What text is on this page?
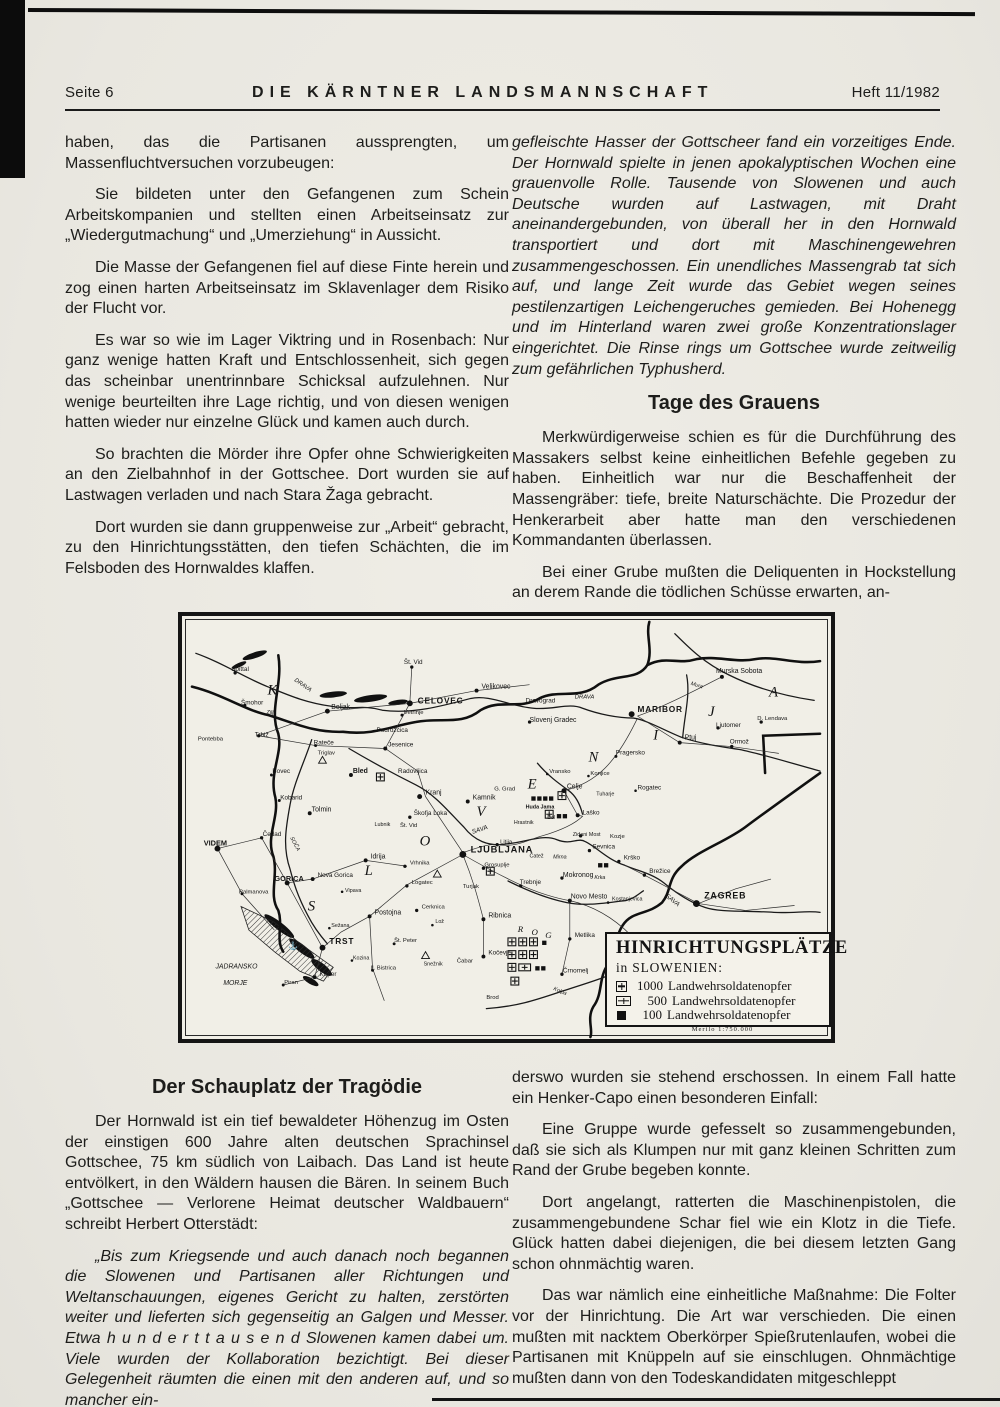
Seite 6	DIE KÄRNTNER LANDSMANNSCHAFT	Heft 11/1982

haben, das die Partisanen aussprengten, um Massenfluchtversuchen vorzubeugen:

Sie bildeten unter den Gefangenen zum Schein Arbeitskompanien und stellten einen Arbeitseinsatz zur „Wiedergutmachung“ und „Umerziehung“ in Aussicht.

Die Masse der Gefangenen fiel auf diese Finte herein und zog einen harten Arbeitseinsatz im Sklavenlager dem Risiko der Flucht vor.

Es war so wie im Lager Viktring und in Rosenbach: Nur ganz wenige hatten Kraft und Entschlossenheit, sich gegen das scheinbar unentrinnbare Schicksal aufzulehnen. Nur wenige beurteilten ihre Lage richtig, und von diesen wenigen hatten wieder nur einzelne Glück und kamen auch durch.

So brachten die Mörder ihre Opfer ohne Schwierigkeiten an den Zielbahnhof in der Gottschee. Dort wurden sie auf Lastwagen verladen und nach Stara Žaga gebracht.

Dort wurden sie dann gruppenweise zur „Arbeit“ gebracht, zu den Hinrichtungsstätten, den tiefen Schächten, die im Felsboden des Hornwaldes klaffen.

gefleischte Hasser der Gottscheer fand ein vorzeitiges Ende. Der Hornwald spielte in jenen apokalyptischen Wochen eine grauenvolle Rolle. Tausende von Slowenen und auch Deutsche wurden auf Lastwagen, mit Draht aneinandergebunden, von überall her in den Hornwald transportiert und dort mit Maschinengewehren zusammengeschossen. Ein unendliches Massengrab tat sich auf, und lange Zeit wurde das Gebiet wegen seines pestilenzartigen Leichengeruches gemieden. Bei Hohenegg und im Hinterland waren zwei große Konzentrationslager eingerichtet. Die Rinse rings um Gottschee wurde zeitweilig zum gefährlichen Typhusherd.

Tage des Grauens

Merkwürdigerweise schien es für die Durchführung des Massakers selbst keine einheitlichen Befehle gegeben zu haben. Einheitlich war nur die Beschaffenheit der Massengräber: tiefe, breite Naturschächte. Die Prozedur der Henkerarbeit aber hatte man den verschiedenen Kommandanten überlassen.

Bei einer Grube mußten die Deliquenten in Hockstellung an derem Rande die tödlichen Schüsse erwarten, an-

⚓
Spittal
K DRAVA
Šmohor
Zilja
Beljak
Št. Vid
CELOVEC
Vetrinje
Velikovec
Murska Sobota
A
Dravograd	DRAVA
Slovenj Gradec
MARIBOR
Mura
J
Ljutomer
D. Lendava
Ptuj
Ormož
I
Pragersko
N
Podrožčica
Jesenice
Trbiž
Pontebba	Rateče
Bled
Triglav
Bovec
Kobarid
Tolmin
Radovljica
Kranj
Kamnik
Škofja Loka
Lubnik Št. Vid
V
E
Vransko	Konjice
G. Grad	Celje
Tuharje
Rogatec
Huda Jama
Laško
Dol
Hrastnik
Zidani Most
Litija
SAVA
LJUBLJANA
Grosuplje
Kozje
Sevnica
Krško
Brežice
Čatež Mirna
Mokronog
Trebnje
Krka
Novo Mesto Kostanjevica
Turjak
ZAGREB
SAVA
VIDEM
Čedad
SOČA
Idrija
GORICA Nova Gorica
Palmanova
L
O
S
Vipava
Vrhnika
Logatec
Postojna
Cerknica
Ribnica
Lož
Sežana
TRST
Kozina
Št. Peter
Il. Bistrica
Snežnik
Koper
Piran
JADRANSKO
MORJE
Kočevje
Čabar
Brod
Metlika
Črnomelj
R O G
Kolpa
HINRICHTUNGSPLÄTZE
in SLOWENIEN:
1000 Landwehrsoldatenopfer
500 Landwehrsoldatenopfer
100 Landwehrsoldatenopfer
Merilo 1:750.000
Der Schauplatz der Tragödie

Der Hornwald ist ein tief bewaldeter Höhenzug im Osten der einstigen 600 Jahre alten deutschen Sprachinsel Gottschee, 75 km südlich von Laibach. Das Land ist heute entvölkert, in den Wäldern hausen die Bären. In seinem Buch „Gottschee — Verlorene Heimat deutscher Waldbauern“ schreibt Herbert Otterstädt:

„Bis zum Kriegsende und auch danach noch begannen die Slowenen und Partisanen aller Richtungen und Weltanschauungen, eigenes Gericht zu halten, zerstörten weiter und lieferten sich gegenseitig an Galgen und Messer. Etwa h u n d e r t t a u s e n d Slowenen kamen dabei um. Viele wurden der Kollaboration bezichtigt. Bei dieser Gelegenheit räumten die einen mit den anderen auf, und so mancher ein-

derswo wurden sie stehend erschossen. In einem Fall hatte ein Henker-Capo einen besonderen Einfall:

Eine Gruppe wurde gefesselt so zusammengebunden, daß sie sich als Klumpen nur mit ganz kleinen Schritten zum Rand der Grube begeben konnte.

Dort angelangt, ratterten die Maschinenpistolen, die zusammengebundene Schar fiel wie ein Klotz in die Tiefe. Glück hatten dabei diejenigen, die bei diesem letzten Gang schon ohnmächtig waren.

Das war nämlich eine einheitliche Maßnahme: Die Folter vor der Hinrichtung. Die Art war verschieden. Die einen mußten mit nacktem Oberkörper Spießrutenlaufen, wobei die Partisanen mit Knüppeln auf sie einschlugen. Ohnmächtige mußten dann von den Todeskandidaten mitgeschleppt
